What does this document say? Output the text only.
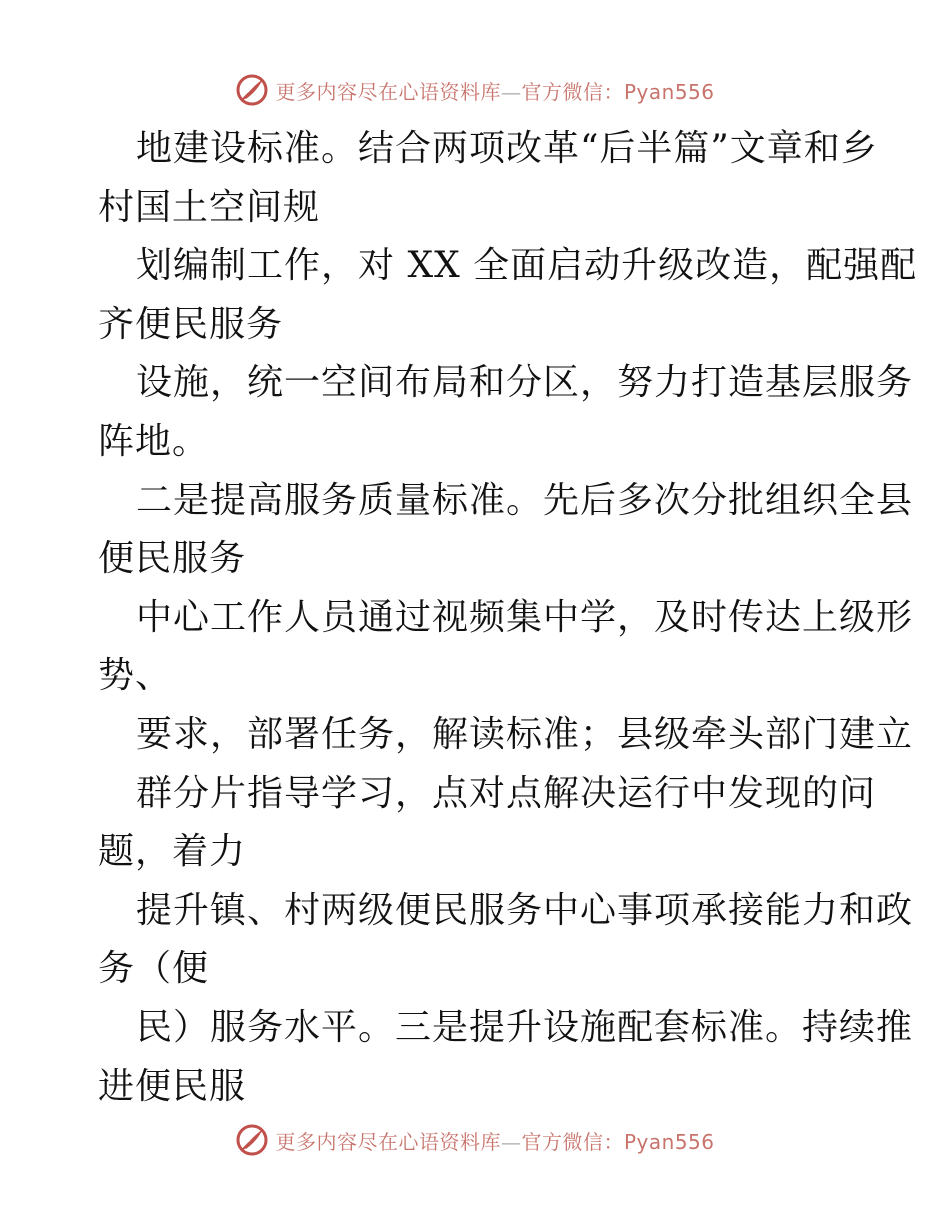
更多内容尽在心语资料库—官方微信：Pyan556
地建设标准。结合两项改革“后半篇”文章和乡
村国土空间规
划编制工作，对 XX 全面启动升级改造，配强配
齐便民服务
设施，统一空间布局和分区，努力打造基层服务
阵地。
二是提高服务质量标准。先后多次分批组织全县
便民服务
中心工作人员通过视频集中学，及时传达上级形
势、
要求，部署任务，解读标准；县级牵头部门建立
群分片指导学习，点对点解决运行中发现的问
题，着力
提升镇、村两级便民服务中心事项承接能力和政
务（便
民）服务水平。三是提升设施配套标准。持续推
进便民服
更多内容尽在心语资料库—官方微信：Pyan556
